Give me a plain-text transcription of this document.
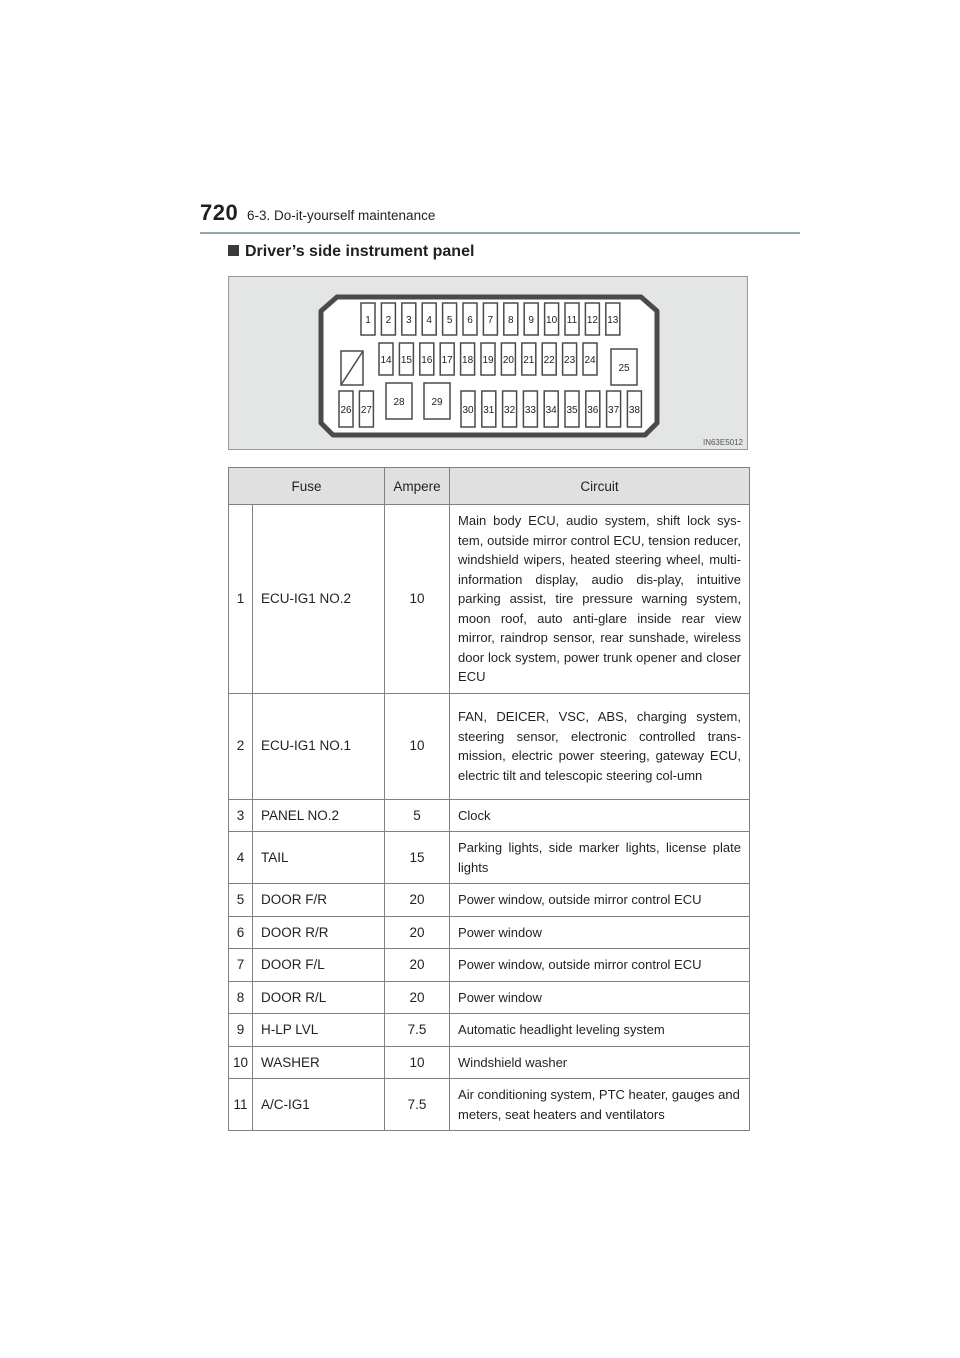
720 6-3. Do-it-yourself maintenance
Driver’s side instrument panel
1 2 3 4 5 6 7 8 9 10 11 12 13
14 15 16 17 18 19 20 21 22 23 24
25
26 27
28	29
30 31 32 33 34 35 36 37 38
IN63E5012
Fuse		Ampere	Circuit
1	ECU-IG1 NO.2	10	Main body ECU, audio system, shift lock sys-tem, outside mirror control ECU, tension reducer, windshield wipers, heated steering wheel, multi-information display, audio dis-play, intuitive parking assist, tire pressure warning system, moon roof, auto anti-glare inside rear view mirror, raindrop sensor, rear sunshade, wireless door lock system, power trunk opener and closer ECU
2	ECU-IG1 NO.1	10	FAN, DEICER, VSC, ABS, charging system, steering sensor, electronic controlled trans-mission, electric power steering, gateway ECU, electric tilt and telescopic steering col-umn
3	PANEL NO.2	5	Clock
4	TAIL	15	Parking lights, side marker lights, license plate lights
5	DOOR F/R	20	Power window, outside mirror control ECU
6	DOOR R/R	20	Power window
7	DOOR F/L	20	Power window, outside mirror control ECU
8	DOOR R/L	20	Power window
9	H-LP LVL	7.5	Automatic headlight leveling system
10	WASHER	10	Windshield washer
11	A/C-IG1	7.5	Air conditioning system, PTC heater, gauges and meters, seat heaters and ventilators
